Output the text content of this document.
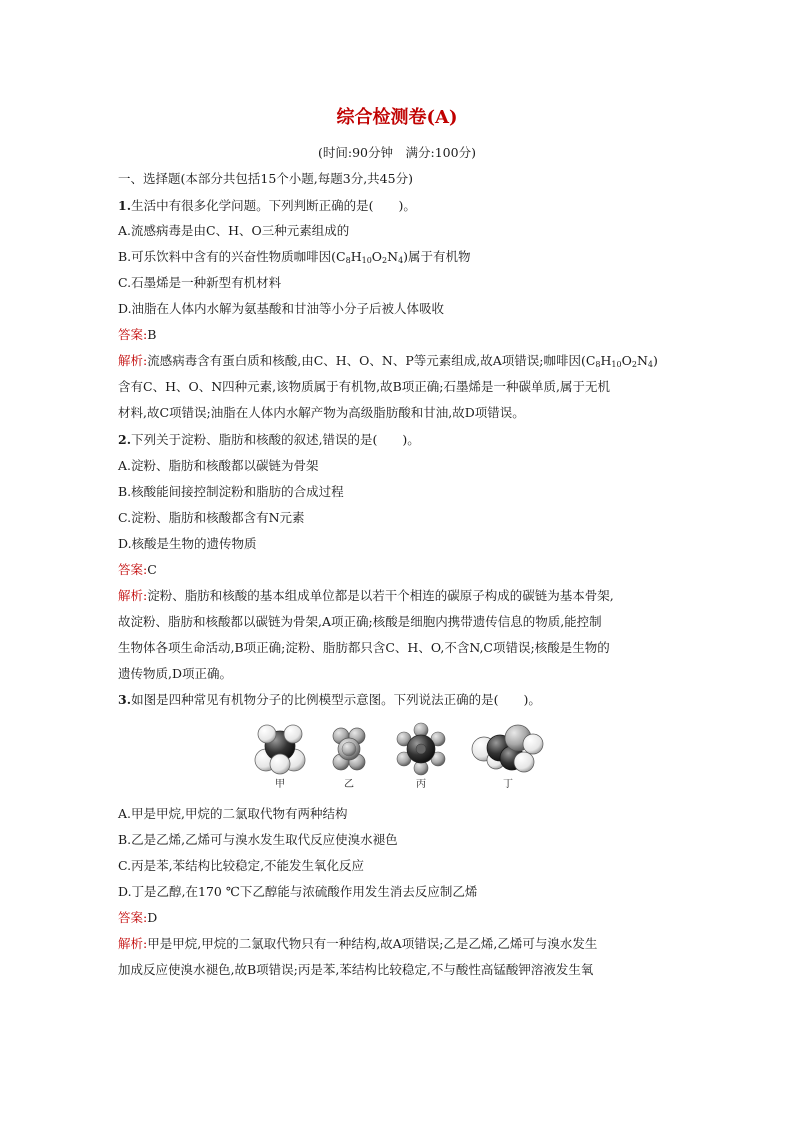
综合检测卷(A)
(时间:90分钟　满分:100分)
一、选择题(本部分共包括15个小题,每题3分,共45分)
1.生活中有很多化学问题。下列判断正确的是(　　)。
A.流感病毒是由C、H、O三种元素组成的
B.可乐饮料中含有的兴奋性物质咖啡因$(C_8H_{10}O_2N_4)$属于有机物
C.石墨烯是一种新型有机材料
D.油脂在人体内水解为氨基酸和甘油等小分子后被人体吸收
答案:B
解析:流感病毒含有蛋白质和核酸,由C、H、O、N、P等元素组成,故A项错误;咖啡因$(C_8H_{10}O_2N_4)$
含有C、H、O、N四种元素,该物质属于有机物,故B项正确;石墨烯是一种碳单质,属于无机
材料,故C项错误;油脂在人体内水解产物为高级脂肪酸和甘油,故D项错误。
2.下列关于淀粉、脂肪和核酸的叙述,错误的是(　　)。
A.淀粉、脂肪和核酸都以碳链为骨架
B.核酸能间接控制淀粉和脂肪的合成过程
C.淀粉、脂肪和核酸都含有N元素
D.核酸是生物的遗传物质
答案:C
解析:淀粉、脂肪和核酸的基本组成单位都是以若干个相连的碳原子构成的碳链为基本骨架,
故淀粉、脂肪和核酸都以碳链为骨架,A项正确;核酸是细胞内携带遗传信息的物质,能控制
生物体各项生命活动,B项正确;淀粉、脂肪都只含C、H、O,不含N,C项错误;核酸是生物的
遗传物质,D项正确。
3.如图是四种常见有机物分子的比例模型示意图。下列说法正确的是(　　)。
甲	乙	丙	丁
A.甲是甲烷,甲烷的二氯取代物有两种结构
B.乙是乙烯,乙烯可与溴水发生取代反应使溴水褪色
C.丙是苯,苯结构比较稳定,不能发生氧化反应
D.丁是乙醇,在170 ℃下乙醇能与浓硫酸作用发生消去反应制乙烯
答案:D
解析:甲是甲烷,甲烷的二氯取代物只有一种结构,故A项错误;乙是乙烯,乙烯可与溴水发生
加成反应使溴水褪色,故B项错误;丙是苯,苯结构比较稳定,不与酸性高锰酸钾溶液发生氧
